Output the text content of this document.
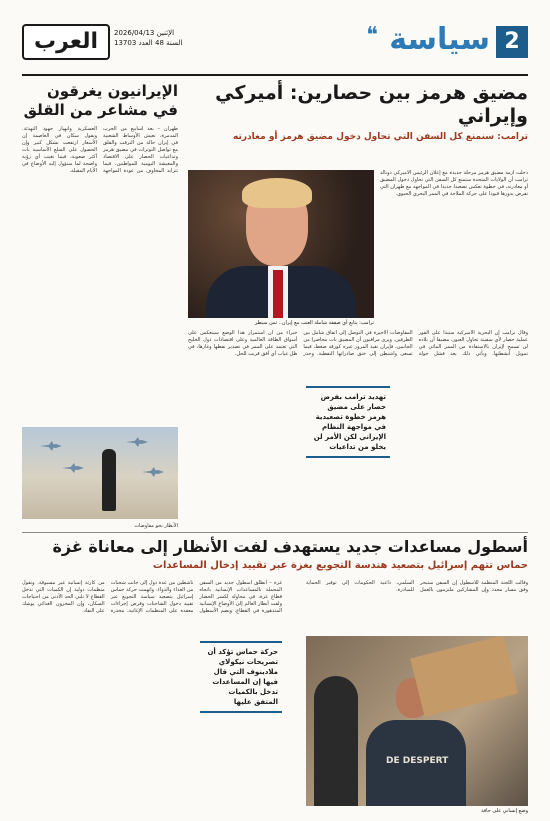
2
سياسة
❝
العرب	الإثنين 2026/04/13
السنة 48 العدد 13703
الإيرانيون يغرقون في مشاعر من القلق
طهران – بعد أسابيع من الحرب المدمرة، تعيش الأوساط الشعبية في إيران حالة من الترقب والقلق مع تواصل التوترات في مضيق هرمز وتداعيات الحصار على الاقتصاد والمعيشة اليومية للمواطنين، فيما تتزايد المخاوف من عودة المواجهة العسكرية وانهيار جهود التهدئة. ويقول سكان في العاصمة إن الأسعار ارتفعت بشكل كبير وإن الحصول على السلع الأساسية بات أكثر صعوبة، فيما تغيب أي رؤية واضحة لما ستؤول إليه الأوضاع في الأيام المقبلة.
الأنظار نحو مفاوضات
مضيق هرمز بين حصارين: أميركي وإيراني
ترامب: سنمنع كل السفن التي تحاول دخول مضيق هرمز أو مغادرته
ترامب: يتابع أي صفقة شاملة العنب مع إيران.. ثمن سيطر
دخلت أزمة مضيق هرمز مرحلة جديدة مع إعلان الرئيس الأميركي دونالد ترامب أن الولايات المتحدة ستمنع كل السفن التي تحاول دخول المضيق أو مغادرته، في خطوة تعكس تصعيدا جديدا في المواجهة مع طهران التي تفرض بدورها قيودا على حركة الملاحة في الممر البحري الحيوي.
وقال ترامب إن البحرية الأميركية ستبدأ على الفور عملية حصار لأي سفينة تحاول العبور، مضيفا أن بلاده لن تسمح لإيران بالاستفادة من الممر المائي في تمويل أنشطتها. ويأتي ذلك بعد فشل جولة المفاوضات الأخيرة في التوصل إلى اتفاق شامل بين الطرفين. ويرى مراقبون أن المضيق بات محاصرا من الجانبين، فإيران تقيد المرور عبره كورقة ضغط، فيما تسعى واشنطن إلى خنق صادراتها النفطية. وحذر خبراء من أن استمرار هذا الوضع سينعكس على أسواق الطاقة العالمية وعلى اقتصادات دول الخليج التي تعتمد على الممر في تصدير نفطها وغازها، في ظل غياب أي أفق قريب للحل.
تهديد ترامب بفرض حصار على مضيق هرمز خطوة تصعيدية في مواجهة النظام الإيراني لكن الأمر لن يخلو من تداعيات
أسطول مساعدات جديد يستهدف لفت الأنظار إلى معاناة غزة
حماس تتهم إسرائيل بتصعيد هندسة التجويع بغزة عبر تقييد إدخال المساعدات
غزة – انطلق أسطول جديد من السفن المحملة بالمساعدات الإنسانية باتجاه قطاع غزة، في محاولة لكسر الحصار ولفت أنظار العالم إلى الأوضاع الإنسانية المتدهورة في القطاع. ويضم الأسطول ناشطين من عدة دول إلى جانب شحنات من الغذاء والدواء. واتهمت حركة حماس إسرائيل بتصعيد سياسة التجويع عبر تقييد دخول الشاحنات وفرض إجراءات معقدة على المنظمات الإغاثية، محذرة من كارثة إنسانية غير مسبوقة. وتقول منظمات دولية إن الكميات التي تدخل القطاع لا تلبي الحد الأدنى من احتياجات السكان، وإن المخزون الغذائي يوشك على النفاد.
وقالت اللجنة المنظمة للأسطول إن السفن ستبحر وفق مسار محدد وإن المشاركين ملتزمون بالعمل السلمي، داعية الحكومات إلى توفير الحماية للمبادرة.
حركة حماس تؤكد أن تصريحات نيكولاي ملادينوف التي قال فيها إن المساعدات تدخل بالكميات المتفق عليها
DE DESPERT
وضع إنساني على حافة
